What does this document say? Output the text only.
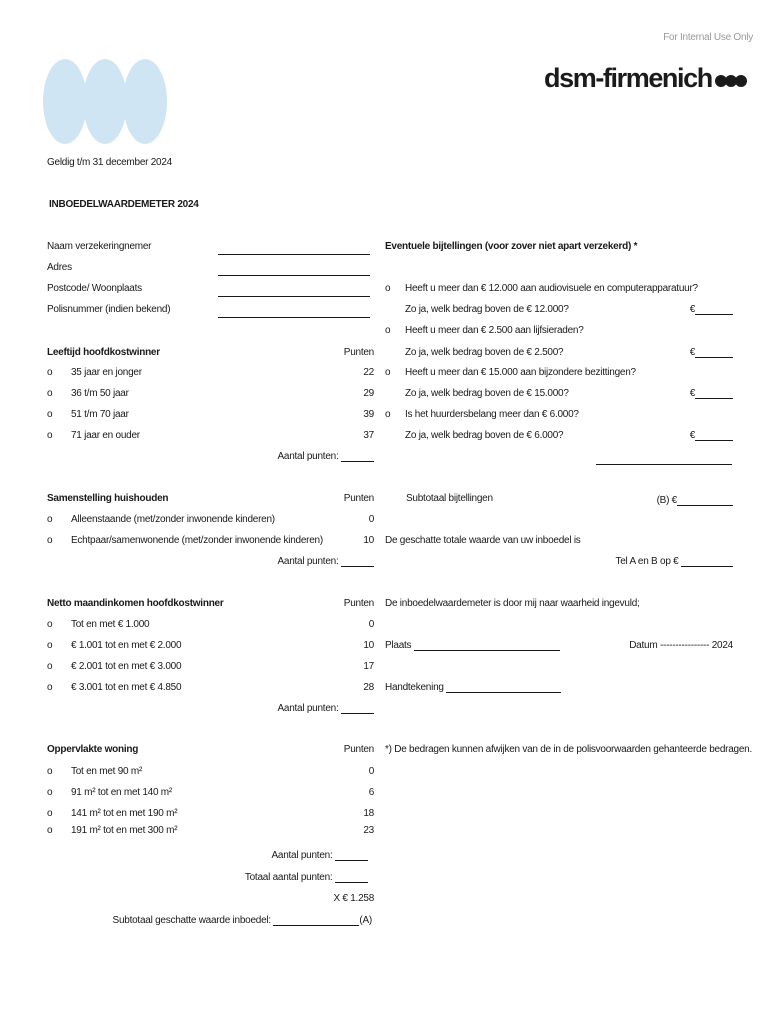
For Internal Use Only
dsm-firmenich
Geldig t/m 31 december 2024
INBOEDELWAARDEMETER 2024
Naam verzekeringnemer
Adres
Postcode/ Woonplaats
Polisnummer (indien bekend)
Leeftijd hoofdkostwinner	Punten
o 35 jaar en jonger	22
o 36 t/m 50 jaar	29
o 51 t/m 70 jaar	39
o 71 jaar en ouder	37
Aantal punten:
Samenstelling huishouden	Punten
o Alleenstaande (met/zonder inwonende kinderen)	0
o Echtpaar/samenwonende (met/zonder inwonende kinderen)	10
Aantal punten:
Netto maandinkomen hoofdkostwinner	Punten
o Tot en met € 1.000	0
o € 1.001 tot en met € 2.000	10
o € 2.001 tot en met € 3.000	17
o € 3.001 tot en met € 4.850	28
Aantal punten:
Oppervlakte woning	Punten
o Tot en met 90 m²	0
o 91 m² tot en met 140 m²	6
o 141 m² tot en met 190 m²	18
o 191 m² tot en met 300 m²	23
Aantal punten:
Totaal aantal punten:
X € 1.258
Subtotaal geschatte waarde inboedel:	(A)
Eventuele bijtellingen (voor zover niet apart verzekerd) *
o Heeft u meer dan € 12.000 aan audiovisuele en computerapparatuur?
Zo ja, welk bedrag boven de € 12.000?	€
o Heeft u meer dan € 2.500 aan lijfsieraden?
Zo ja, welk bedrag boven de € 2.500?	€
o Heeft u meer dan € 15.000 aan bijzondere bezittingen?
Zo ja, welk bedrag boven de € 15.000?	€
o Is het huurdersbelang meer dan € 6.000?
Zo ja, welk bedrag boven de € 6.000?	€
Subtotaal bijtellingen	(B) €
De geschatte totale waarde van uw inboedel is
Tel A en B op €
De inboedelwaardemeter is door mij naar waarheid ingevuld;
Plaats	Datum ---------------- 2024
Handtekening
*) De bedragen kunnen afwijken van de in de polisvoorwaarden gehanteerde bedragen.
